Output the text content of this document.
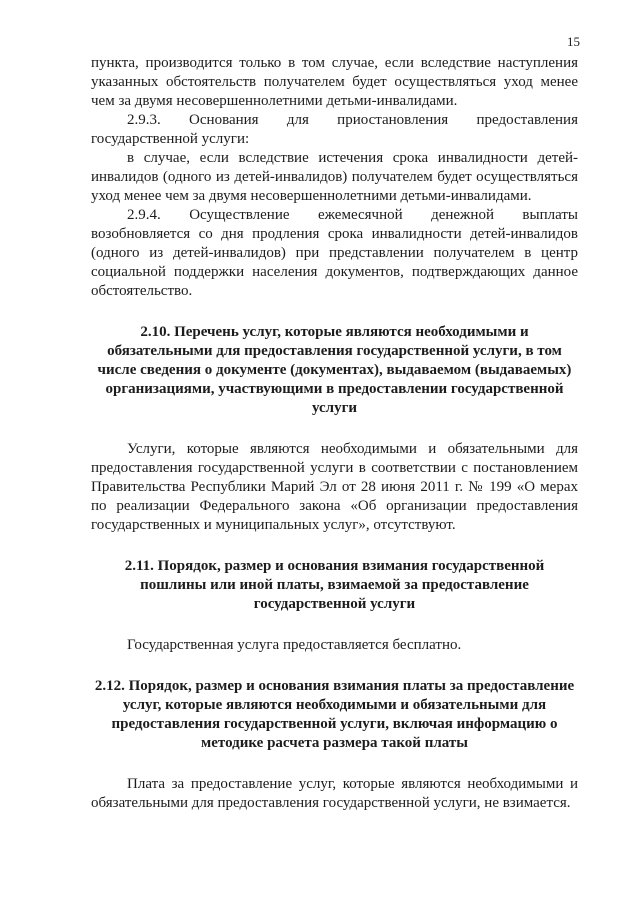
15

пункта, производится только в том случае, если вследствие наступления указанных обстоятельств получателем будет осуществляться уход менее чем за двумя несовершеннолетними детьми-инвалидами.

2.9.3. Основания для приостановления предоставления государственной услуги:

в случае, если вследствие истечения срока инвалидности детей-инвалидов (одного из детей-инвалидов) получателем будет осуществляться уход менее чем за двумя несовершеннолетними детьми-инвалидами.

2.9.4. Осуществление ежемесячной денежной выплаты возобновляется со дня продления срока инвалидности детей-инвалидов (одного из детей-инвалидов) при представлении получателем в центр социальной поддержки населения документов, подтверждающих данное обстоятельство.

2.10. Перечень услуг, которые являются необходимыми и обязательными для предоставления государственной услуги, в том числе сведения о документе (документах), выдаваемом (выдаваемых) организациями, участвующими в предоставлении государственной услуги

Услуги, которые являются необходимыми и обязательными для предоставления государственной услуги в соответствии с постановлением Правительства Республики Марий Эл от 28 июня 2011 г. № 199 «О мерах по реализации Федерального закона «Об организации предоставления государственных и муниципальных услуг», отсутствуют.

2.11. Порядок, размер и основания взимания государственной пошлины или иной платы, взимаемой за предоставление государственной услуги

Государственная услуга предоставляется бесплатно.

2.12. Порядок, размер и основания взимания платы за предоставление услуг, которые являются необходимыми и обязательными для предоставления государственной услуги, включая информацию о методике расчета размера такой платы

Плата за предоставление услуг, которые являются необходимыми и обязательными для предоставления государственной услуги, не взимается.
